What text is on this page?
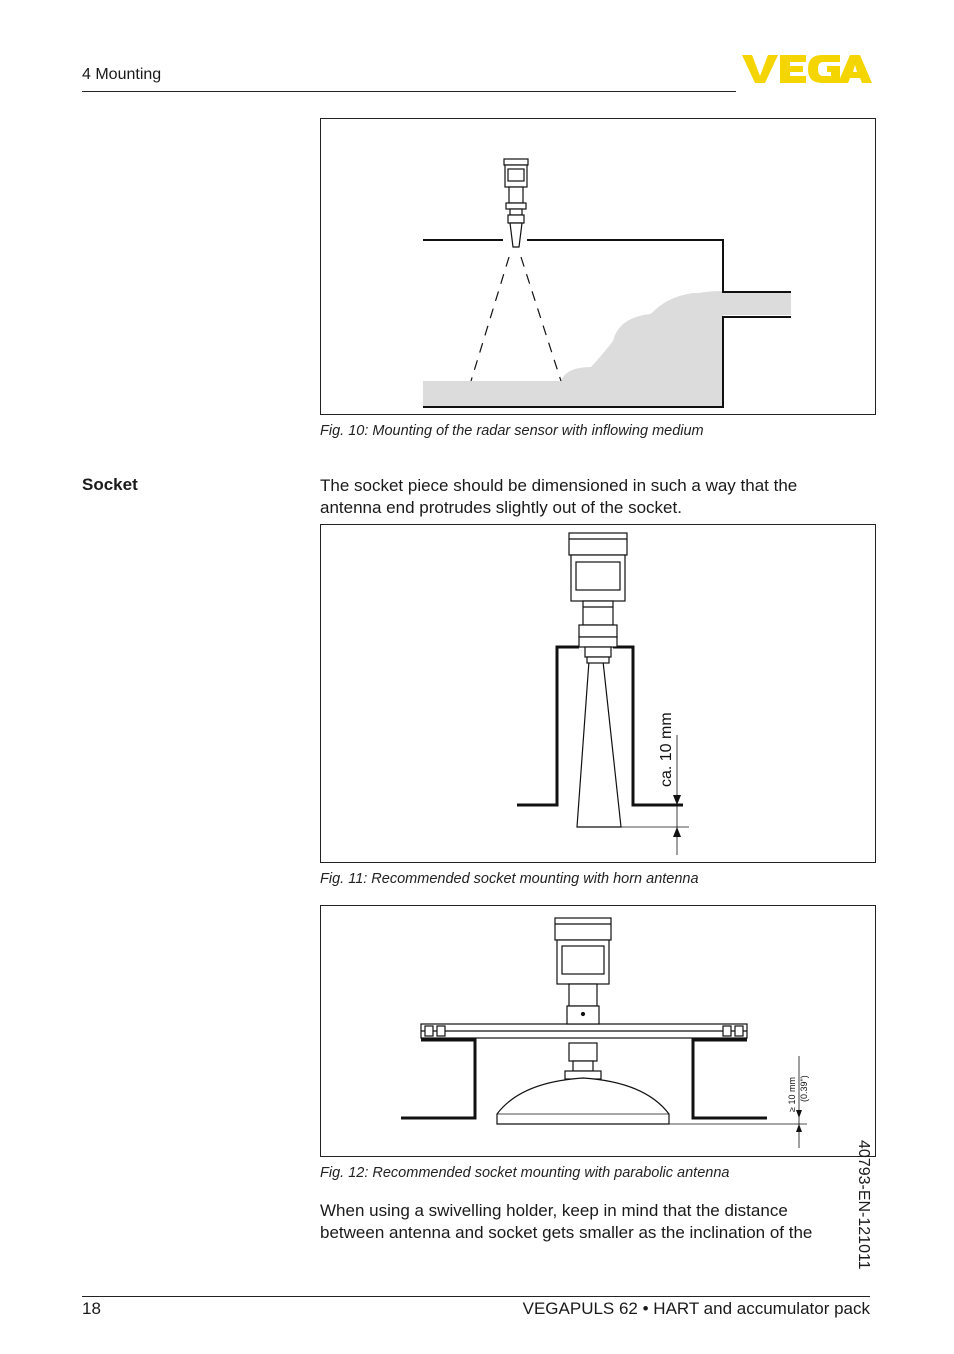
4 Mounting
Fig. 10: Mounting of the radar sensor with inflowing medium
Socket	The socket piece should be dimensioned in such a way that the
antenna end protrudes slightly out of the socket.
ca. 10 mm
Fig. 11: Recommended socket mounting with horn antenna
≥ 10 mm (0.39")
Fig. 12: Recommended socket mounting with parabolic antenna
When using a swivelling holder, keep in mind that the distance
between antenna and socket gets smaller as the inclination of the	40793-EN-121011
18	VEGAPULS 62 • HART and accumulator pack
